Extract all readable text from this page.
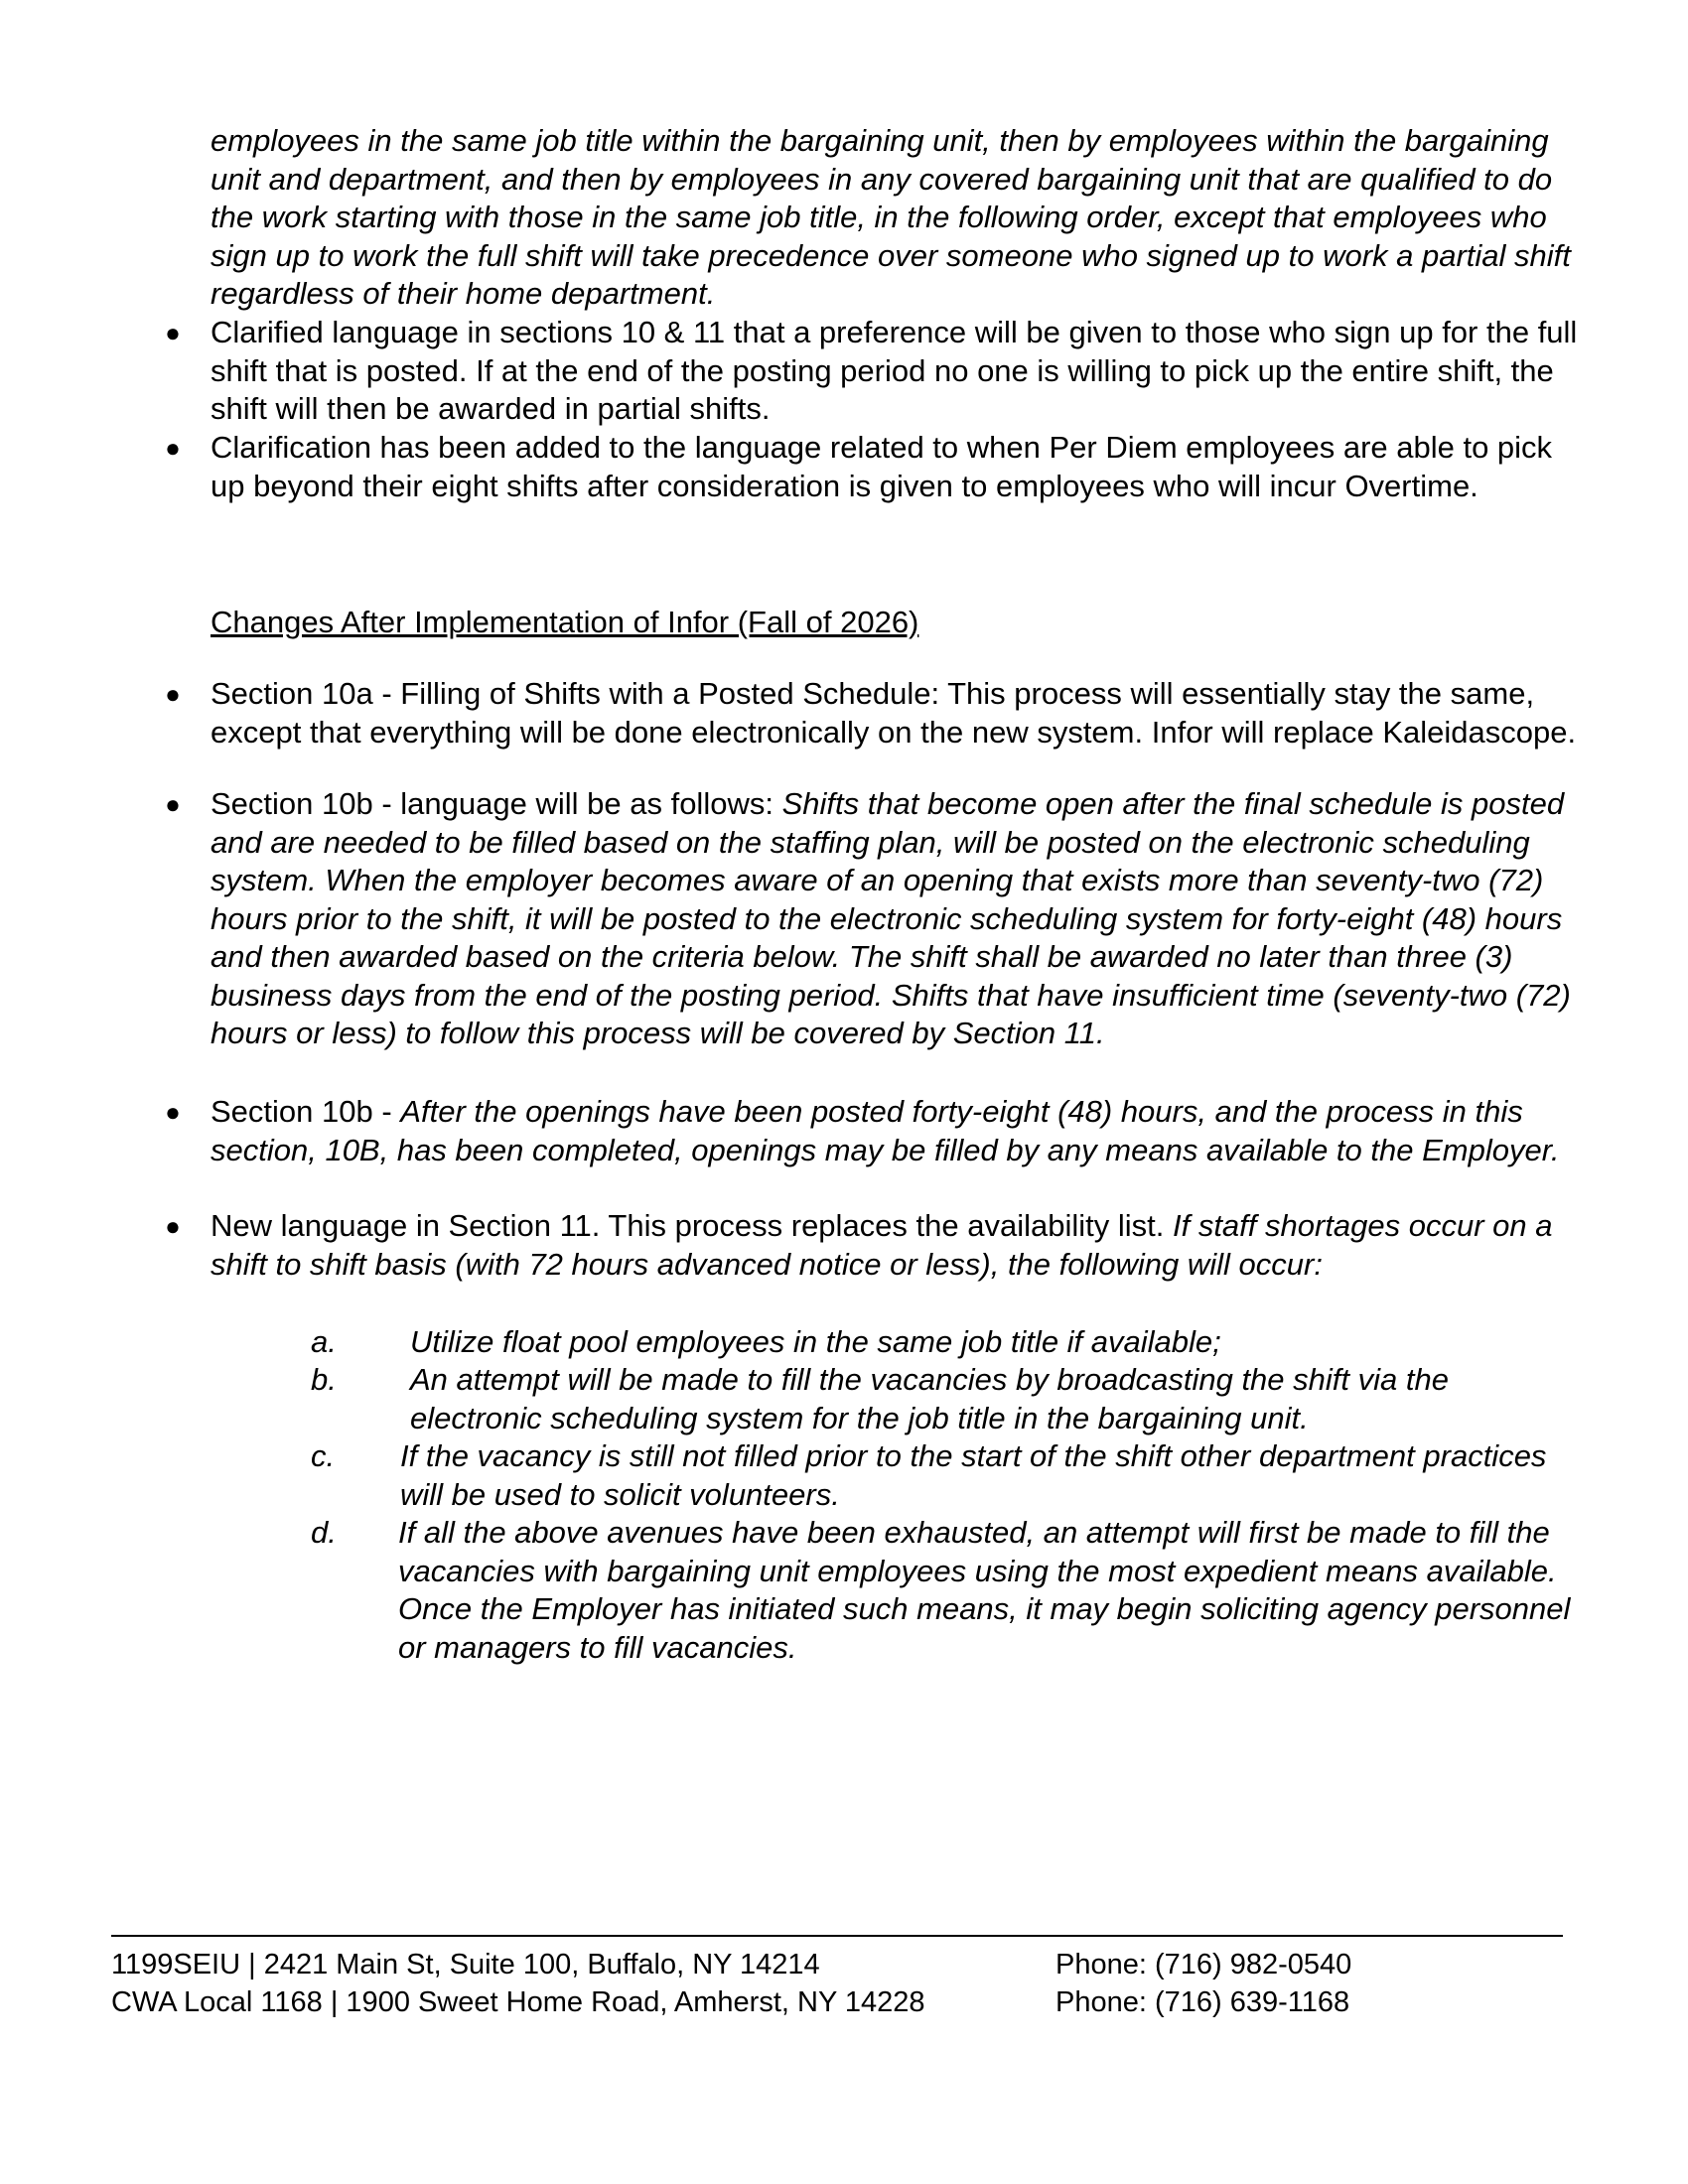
employees in the same job title within the bargaining unit, then by employees within the bargaining unit and department, and then by employees in any covered bargaining unit that are qualified to do the work starting with those in the same job title, in the following order, except that employees who sign up to work the full shift will take precedence over someone who signed up to work a partial shift regardless of their home department.

● Clarified language in sections 10 & 11 that a preference will be given to those who sign up for the full shift that is posted. If at the end of the posting period no one is willing to pick up the entire shift, the shift will then be awarded in partial shifts.
● Clarification has been added to the language related to when Per Diem employees are able to pick up beyond their eight shifts after consideration is given to employees who will incur Overtime.

Changes After Implementation of Infor (Fall of 2026)

● Section 10a - Filling of Shifts with a Posted Schedule: This process will essentially stay the same, except that everything will be done electronically on the new system. Infor will replace Kaleidascope.
● Section 10b - language will be as follows: Shifts that become open after the final schedule is posted and are needed to be filled based on the staffing plan, will be posted on the electronic scheduling system. When the employer becomes aware of an opening that exists more than seventy-two (72) hours prior to the shift, it will be posted to the electronic scheduling system for forty-eight (48) hours and then awarded based on the criteria below. The shift shall be awarded no later than three (3) business days from the end of the posting period. Shifts that have insufficient time (seventy-two (72) hours or less) to follow this process will be covered by Section 11.
● Section 10b - After the openings have been posted forty-eight (48) hours, and the process in this section, 10B, has been completed, openings may be filled by any means available to the Employer.
● New language in Section 11. This process replaces the availability list. If staff shortages occur on a shift to shift basis (with 72 hours advanced notice or less), the following will occur:
a. Utilize float pool employees in the same job title if available;
b. An attempt will be made to fill the vacancies by broadcasting the shift via the electronic scheduling system for the job title in the bargaining unit.
c. If the vacancy is still not filled prior to the start of the shift other department practices will be used to solicit volunteers.
d. If all the above avenues have been exhausted, an attempt will first be made to fill the vacancies with bargaining unit employees using the most expedient means available. Once the Employer has initiated such means, it may begin soliciting agency personnel or managers to fill vacancies.

1199SEIU | 2421 Main St, Suite 100, Buffalo, NY 14214	Phone: (716) 982-0540

CWA Local 1168 | 1900 Sweet Home Road, Amherst, NY 14228	Phone: (716) 639-1168
